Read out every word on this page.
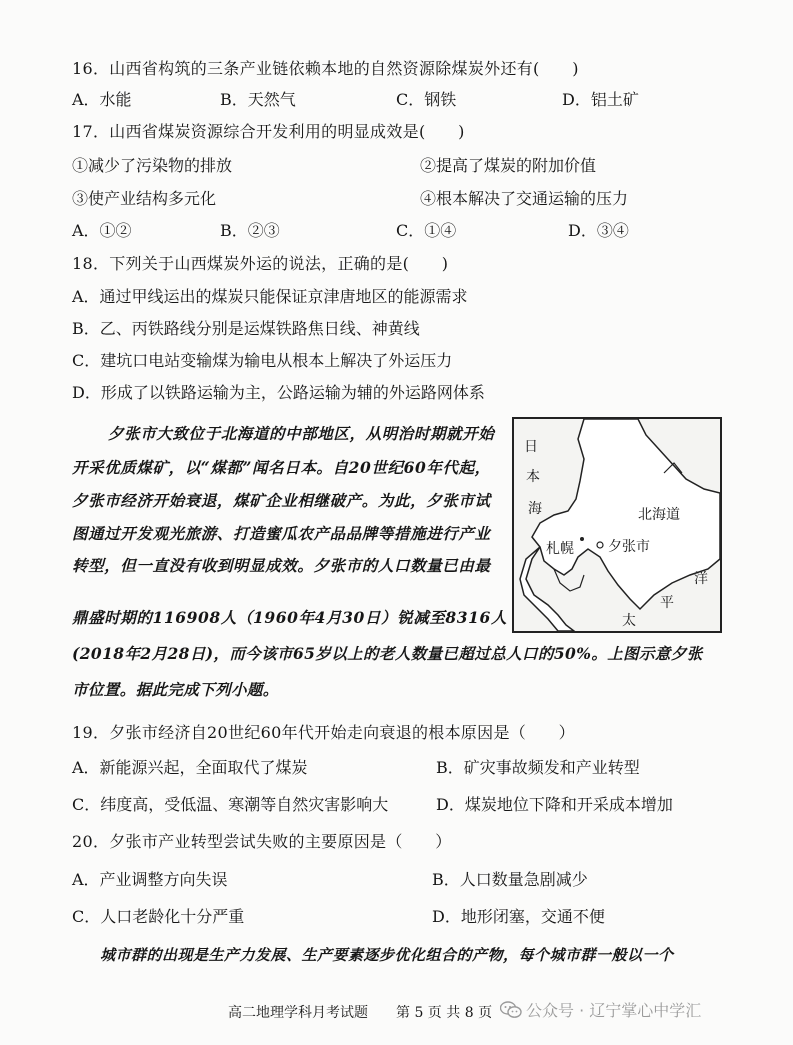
16．山西省构筑的三条产业链依赖本地的自然资源除煤炭外还有(　　)
A．水能	B．天然气	C．钢铁	D．铝土矿
17．山西省煤炭资源综合开发利用的明显成效是(　　)
①减少了污染物的排放	②提高了煤炭的附加价值
③使产业结构多元化	④根本解决了交通运输的压力
A．①②	B．②③	C．①④	D．③④
18．下列关于山西煤炭外运的说法，正确的是(　　)
A．通过甲线运出的煤炭只能保证京津唐地区的能源需求
B．乙、丙铁路线分别是运煤铁路焦日线、神黄线
C．建坑口电站变输煤为输电从根本上解决了外运压力
D．形成了以铁路运输为主，公路运输为辅的外运路网体系
夕张市大致位于北海道的中部地区，从明治时期就开始
开采优质煤矿，以“煤都”闻名日本。自20世纪60年代起，
夕张市经济开始衰退，煤矿企业相继破产。为此，夕张市试
图通过开发观光旅游、打造蜜瓜农产品品牌等措施进行产业
转型，但一直没有收到明显成效。夕张市的人口数量已由最
鼎盛时期的116908人（1960年4月30日）锐减至8316人
(2018年2月28日)，而今该市65岁以上的老人数量已超过总人口的50%。上图示意夕张
市位置。据此完成下列小题。
日
本
海	北海道
札幌 夕张市
洋
平
太
19．夕张市经济自20世纪60年代开始走向衰退的根本原因是（　　）
A．新能源兴起，全面取代了煤炭	B．矿灾事故频发和产业转型
C．纬度高，受低温、寒潮等自然灾害影响大	D．煤炭地位下降和开采成本增加
20．夕张市产业转型尝试失败的主要原因是（　　）
A．产业调整方向失误	B．人口数量急剧减少
C．人口老龄化十分严重	D．地形闭塞，交通不便
城市群的出现是生产力发展、生产要素逐步优化组合的产物，每个城市群一般以一个
高二地理学科月考试题　　第 5 页 共 8 页	公众号 · 辽宁掌心中学汇
